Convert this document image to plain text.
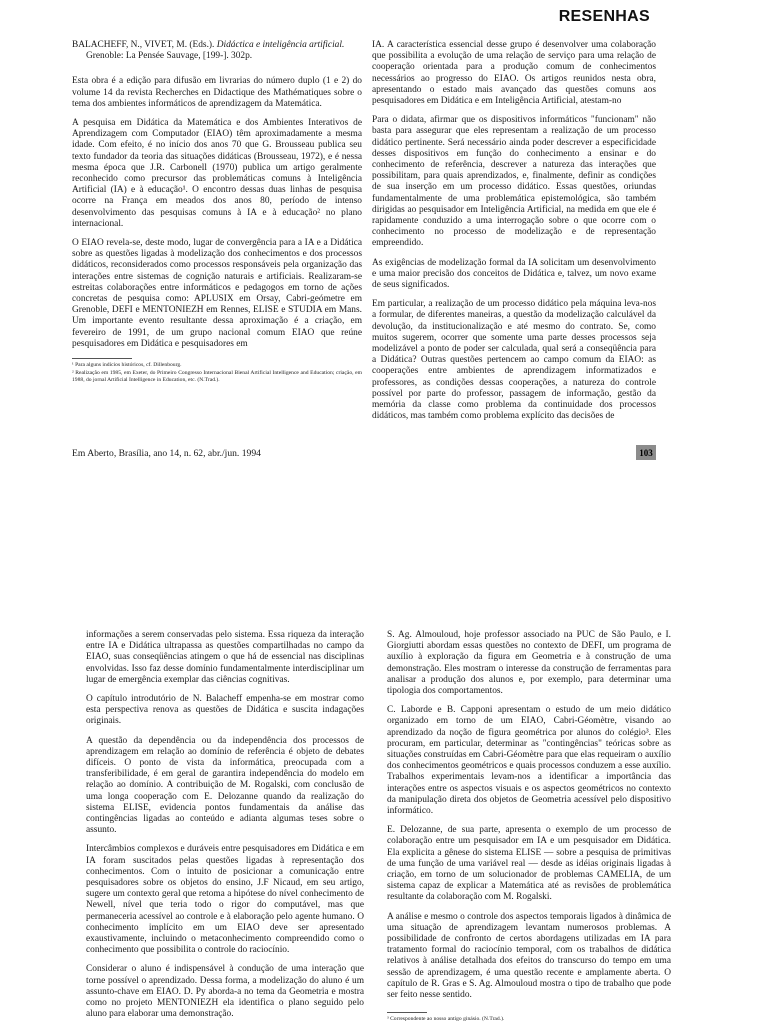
RESENHAS

BALACHEFF, N., VIVET, M. (Eds.). Didáctica e inteligência artificial.
Grenoble: La Pensée Sauvage, [199-]. 302p.

Esta obra é a edição para difusão em livrarias do número duplo (1 e 2) do volume 14 da revista Recherches en Didactique des Mathématiques sobre o tema dos ambientes informáticos de aprendizagem da Matemática.

A pesquisa em Didática da Matemática e dos Ambientes Interativos de Aprendizagem com Computador (EIAO) têm aproximadamente a mesma idade. Com efeito, é no início dos anos 70 que G. Brousseau publica seu texto fundador da teoria das situações didáticas (Brousseau, 1972), e é nessa mesma época que J.R. Carbonell (1970) publica um artigo geralmente reconhecido como precursor das problemáticas comuns à Inteligência Artificial (IA) e à educação¹. O encontro dessas duas linhas de pesquisa ocorre na França em meados dos anos 80, período de intenso desenvolvimento das pesquisas comuns à IA e à educação² no plano internacional.

O EIAO revela-se, deste modo, lugar de convergência para a IA e a Didática sobre as questões ligadas à modelização dos conhecimentos e dos processos didáticos, reconsiderados como processos responsáveis pela organização das interações entre sistemas de cognição naturais e artificiais. Realizaram-se estreitas colaborações entre informáticos e pedagogos em torno de ações concretas de pesquisa como: APLUSIX em Orsay, Cabri-geómetre em Grenoble, DEFI e MENTONIEZH em Rennes, ELISE e STUDIA em Mans. Um importante evento resultante dessa aproximação é a criação, em fevereiro de 1991, de um grupo nacional comum EIAO que reúne pesquisadores em Didática e pesquisadores em

¹ Para alguns indícios históricos, cf. Dillenbourg.

² Realização em 1985, em Exeter, do Primeiro Congresso Internacional Bienal Artificial Intelligence and Education; criação, em 1988, do jornal Artificial Intelligence in Education, etc. (N.Trad.).

IA. A característica essencial desse grupo é desenvolver uma colaboração que possibilita a evolução de uma relação de serviço para uma relação de cooperação orientada para a produção comum de conhecimentos necessários ao progresso do EIAO. Os artigos reunidos nesta obra, apresentando o estado mais avançado das questões comuns aos pesquisadores em Didática e em Inteligência Artificial, atestam-no

Para o didata, afirmar que os dispositivos informáticos "funcionam" não basta para assegurar que eles representam a realização de um processo didático pertinente. Será necessário ainda poder descrever a especificidade desses dispositivos em função do conhecimento a ensinar e do conhecimento de referência, descrever a natureza das interações que possibilitam, para quais aprendizados, e, finalmente, definir as condições de sua inserção em um processo didático. Essas questões, oriundas fundamentalmente de uma problemática epistemológica, são também dirigidas ao pesquisador em Inteligência Artificial, na medida em que ele é rapidamente conduzido a uma interrogação sobre o que ocorre com o conhecimento no processo de modelização e de representação empreendido.

As exigências de modelização formal da IA solicitam um desenvolvimento e uma maior precisão dos conceitos de Didática e, talvez, um novo exame de seus significados.

Em particular, a realização de um processo didático pela máquina leva-nos a formular, de diferentes maneiras, a questão da modelização calculável da devolução, da institucionalização e até mesmo do contrato. Se, como muitos sugerem, ocorrer que somente uma parte desses processos seja modelizável a ponto de poder ser calculada, qual será a conseqüência para a Didática? Outras questões pertencem ao campo comum da EIAO: as cooperações entre ambientes de aprendizagem informatizados e professores, as condições dessas cooperações, a natureza do controle possível por parte do professor, passagem de informação, gestão da memória da classe como problema da continuidade dos processos didáticos, mas também como problema explícito das decisões de

Em Aberto, Brasília, ano 14, n. 62, abr./jun. 1994	103

informações a serem conservadas pelo sistema. Essa riqueza da interação entre IA e Didática ultrapassa as questões compartilhadas no campo da EIAO, suas conseqüências atingem o que há de essencial nas disciplinas envolvidas. Isso faz desse domínio fundamentalmente interdisciplinar um lugar de emergência exemplar das ciências cognitivas.

O capítulo introdutório de N. Balacheff empenha-se em mostrar como esta perspectiva renova as questões de Didática e suscita indagações originais.

A questão da dependência ou da independência dos processos de aprendizagem em relação ao domínio de referência é objeto de debates difíceis. O ponto de vista da informática, preocupada com a transferibilidade, é em geral de garantira independência do modelo em relação ao domínio. A contribuição de M. Rogalski, com conclusão de uma longa cooperação com E. Delozanne quando da realização do sistema ELISE, evidencia pontos fundamentais da análise das contingências ligadas ao conteúdo e adianta algumas teses sobre o assunto.

Intercâmbios complexos e duráveis entre pesquisadores em Didática e em IA foram suscitados pelas questões ligadas à representação dos conhecimentos. Com o intuito de posicionar a comunicação entre pesquisadores sobre os objetos do ensino, J.F Nicaud, em seu artigo, sugere um contexto geral que retoma a hipótese do nível conhecimento de Newell, nível que teria todo o rigor do computável, mas que permaneceria acessível ao controle e à elaboração pelo agente humano. O conhecimento implícito em um EIAO deve ser apresentado exaustivamente, incluindo o metaconhecimento compreendido como o conhecimento que possibilita o controle do raciocínio.

Considerar o aluno é indispensável à condução de uma interação que torne possível o aprendizado. Dessa forma, a modelização do aluno é um assunto-chave em EIAO. D. Py aborda-a no tema da Geometria e mostra como no projeto MENTONIEZH ela identifica o plano seguido pelo aluno para elaborar uma demonstração.

S. Ag. Almouloud, hoje professor associado na PUC de São Paulo, e I. Giorgiutti abordam essas questões no contexto de DEFI, um programa de auxílio à exploração da figura em Geometria e à construção de uma demonstração. Eles mostram o interesse da construção de ferramentas para analisar a produção dos alunos e, por exemplo, para determinar uma tipologia dos comportamentos.

C. Laborde e B. Capponi apresentam o estudo de um meio didático organizado em torno de um EIAO, Cabri-Géomètre, visando ao aprendizado da noção de figura geométrica por alunos do colégio³. Eles procuram, em particular, determinar as "contingências" teóricas sobre as situações construídas em Cabri-Géomètre para que elas requeiram o auxílio dos conhecimentos geométricos e quais processos conduzem a esse auxílio. Trabalhos experimentais levam-nos a identificar a importância das interações entre os aspectos visuais e os aspectos geométricos no contexto da manipulação direta dos objetos de Geometria acessível pelo dispositivo informático.

E. Delozanne, de sua parte, apresenta o exemplo de um processo de colaboração entre um pesquisador em IA e um pesquisador em Didática. Ela explicita a gênese do sistema ELISE — sobre a pesquisa de primitivas de uma função de uma variável real — desde as idéias originais ligadas à criação, em torno de um solucionador de problemas CAMELIA, de um sistema capaz de explicar a Matemática até as revisões de problemática resultante da colaboração com M. Rogalski.

A análise e mesmo o controle dos aspectos temporais ligados à dinâmica de uma situação de aprendizagem levantam numerosos problemas. A possibilidade de confronto de certos abordagens utilizadas em IA para tratamento formal do raciocínio temporal, com os trabalhos de didática relativos à análise detalhada dos efeitos do transcurso do tempo em uma sessão de aprendizagem, é uma questão recente e amplamente aberta. O capítulo de R. Gras e S. Ag. Almouloud mostra o tipo de trabalho que pode ser feito nesse sentido.

³ Correspondente ao nosso antigo ginásio. (N.Trad.).
